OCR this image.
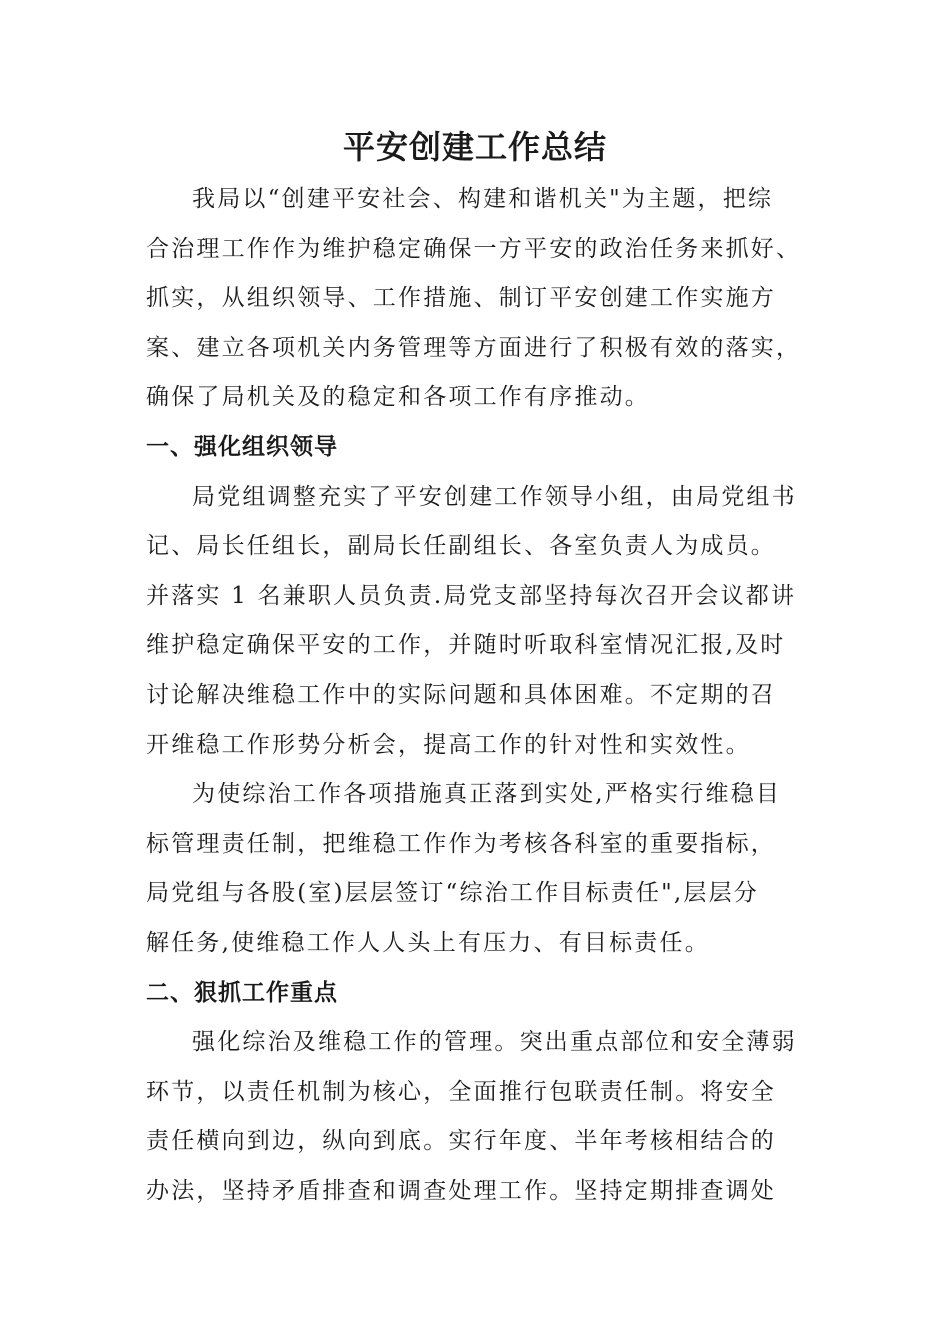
平安创建工作总结

我局以“创建平安社会、构建和谐机关"为主题，把综
合治理工作作为维护稳定确保一方平安的政治任务来抓好、
抓实，从组织领导、工作措施、制订平安创建工作实施方
案、建立各项机关内务管理等方面进行了积极有效的落实，
确保了局机关及的稳定和各项工作有序推动。

一、强化组织领导

局党组调整充实了平安创建工作领导小组，由局党组书
记、局长任组长，副局长任副组长、各室负责人为成员。
并落实 1 名兼职人员负责.局党支部坚持每次召开会议都讲
维护稳定确保平安的工作，并随时听取科室情况汇报,及时
讨论解决维稳工作中的实际问题和具体困难。不定期的召
开维稳工作形势分析会，提高工作的针对性和实效性。

为使综治工作各项措施真正落到实处,严格实行维稳目
标管理责任制，把维稳工作作为考核各科室的重要指标，
局党组与各股(室)层层签订“综治工作目标责任",层层分
解任务,使维稳工作人人头上有压力、有目标责任。

二、狠抓工作重点

强化综治及维稳工作的管理。突出重点部位和安全薄弱
环节，以责任机制为核心，全面推行包联责任制。将安全
责任横向到边，纵向到底。实行年度、半年考核相结合的
办法，坚持矛盾排查和调查处理工作。坚持定期排查调处
